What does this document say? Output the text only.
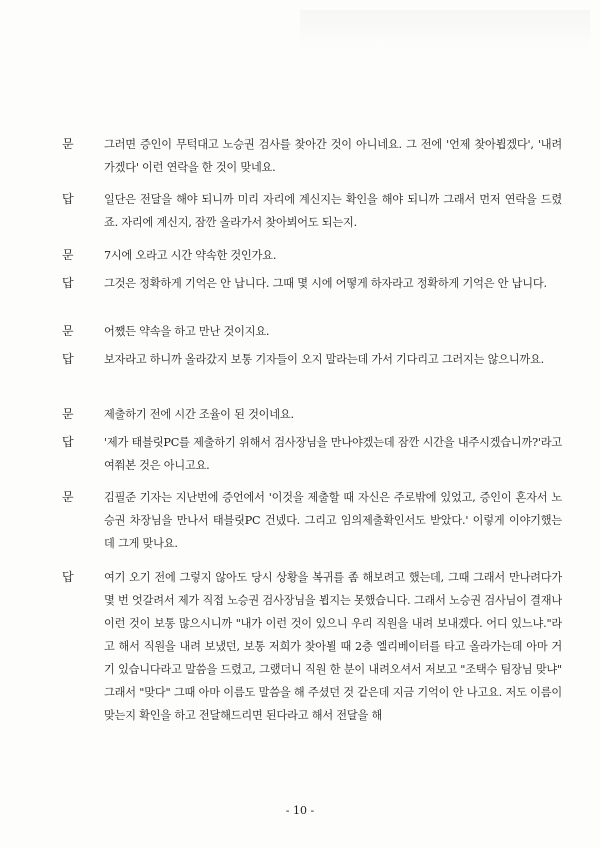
문	그러면 증인이 무턱대고 노승권 검사를 찾아간 것이 아니네요. 그 전에 '언제 찾아뵙겠다', '내려가겠다' 이런 연락을 한 것이 맞네요.
답	일단은 전달을 해야 되니까 미리 자리에 계신지는 확인을 해야 되니까 그래서 먼저 연락을 드렸죠. 자리에 계신지, 잠깐 올라가서 찾아뵈어도 되는지.
문	7시에 오라고 시간 약속한 것인가요.
답	그것은 정확하게 기억은 안 납니다. 그때 몇 시에 어떻게 하자라고 정확하게 기억은 안 납니다.
문	어쨌든 약속을 하고 만난 것이지요.
답	보자라고 하니까 올라갔지 보통 기자들이 오지 말라는데 가서 기다리고 그러지는 않으니까요.
문	제출하기 전에 시간 조율이 된 것이네요.
답	'제가 태블릿PC를 제출하기 위해서 검사장님을 만나야겠는데 잠깐 시간을 내주시겠습니까?'라고 여쭤본 것은 아니고요.
문	김필준 기자는 지난번에 증언에서 '이것을 제출할 때 자신은 주로밖에 있었고, 증인이 혼자서 노승권 차장님을 만나서 태블릿PC 건넸다. 그리고 임의제출확인서도 받았다.' 이렇게 이야기했는데 그게 맞나요.
답	여기 오기 전에 그렇지 않아도 당시 상황을 복귀를 좀 해보려고 했는데, 그때 그래서 만나려다가 몇 번 엇갈려서 제가 직접 노승권 검사장님을 뵙지는 못했습니다. 그래서 노승권 검사님이 결재나 이런 것이 보통 많으시니까 "내가 이런 것이 있으니 우리 직원을 내려 보내겠다. 어디 있느냐."라고 해서 직원을 내려 보냈던, 보통 저희가 찾아뵐 때 2층 엘리베이터를 타고 올라가는데 아마 거기 있습니다라고 말씀을 드렸고, 그랬더니 직원 한 분이 내려오셔서 저보고 "조택수 팀장님 맞냐" 그래서 "맞다" 그때 아마 이름도 말씀을 해 주셨던 것 같은데 지금 기억이 안 나고요. 저도 이름이 맞는지 확인을 하고 전달해드리면 된다라고 해서 전달을 해
- 10 -
